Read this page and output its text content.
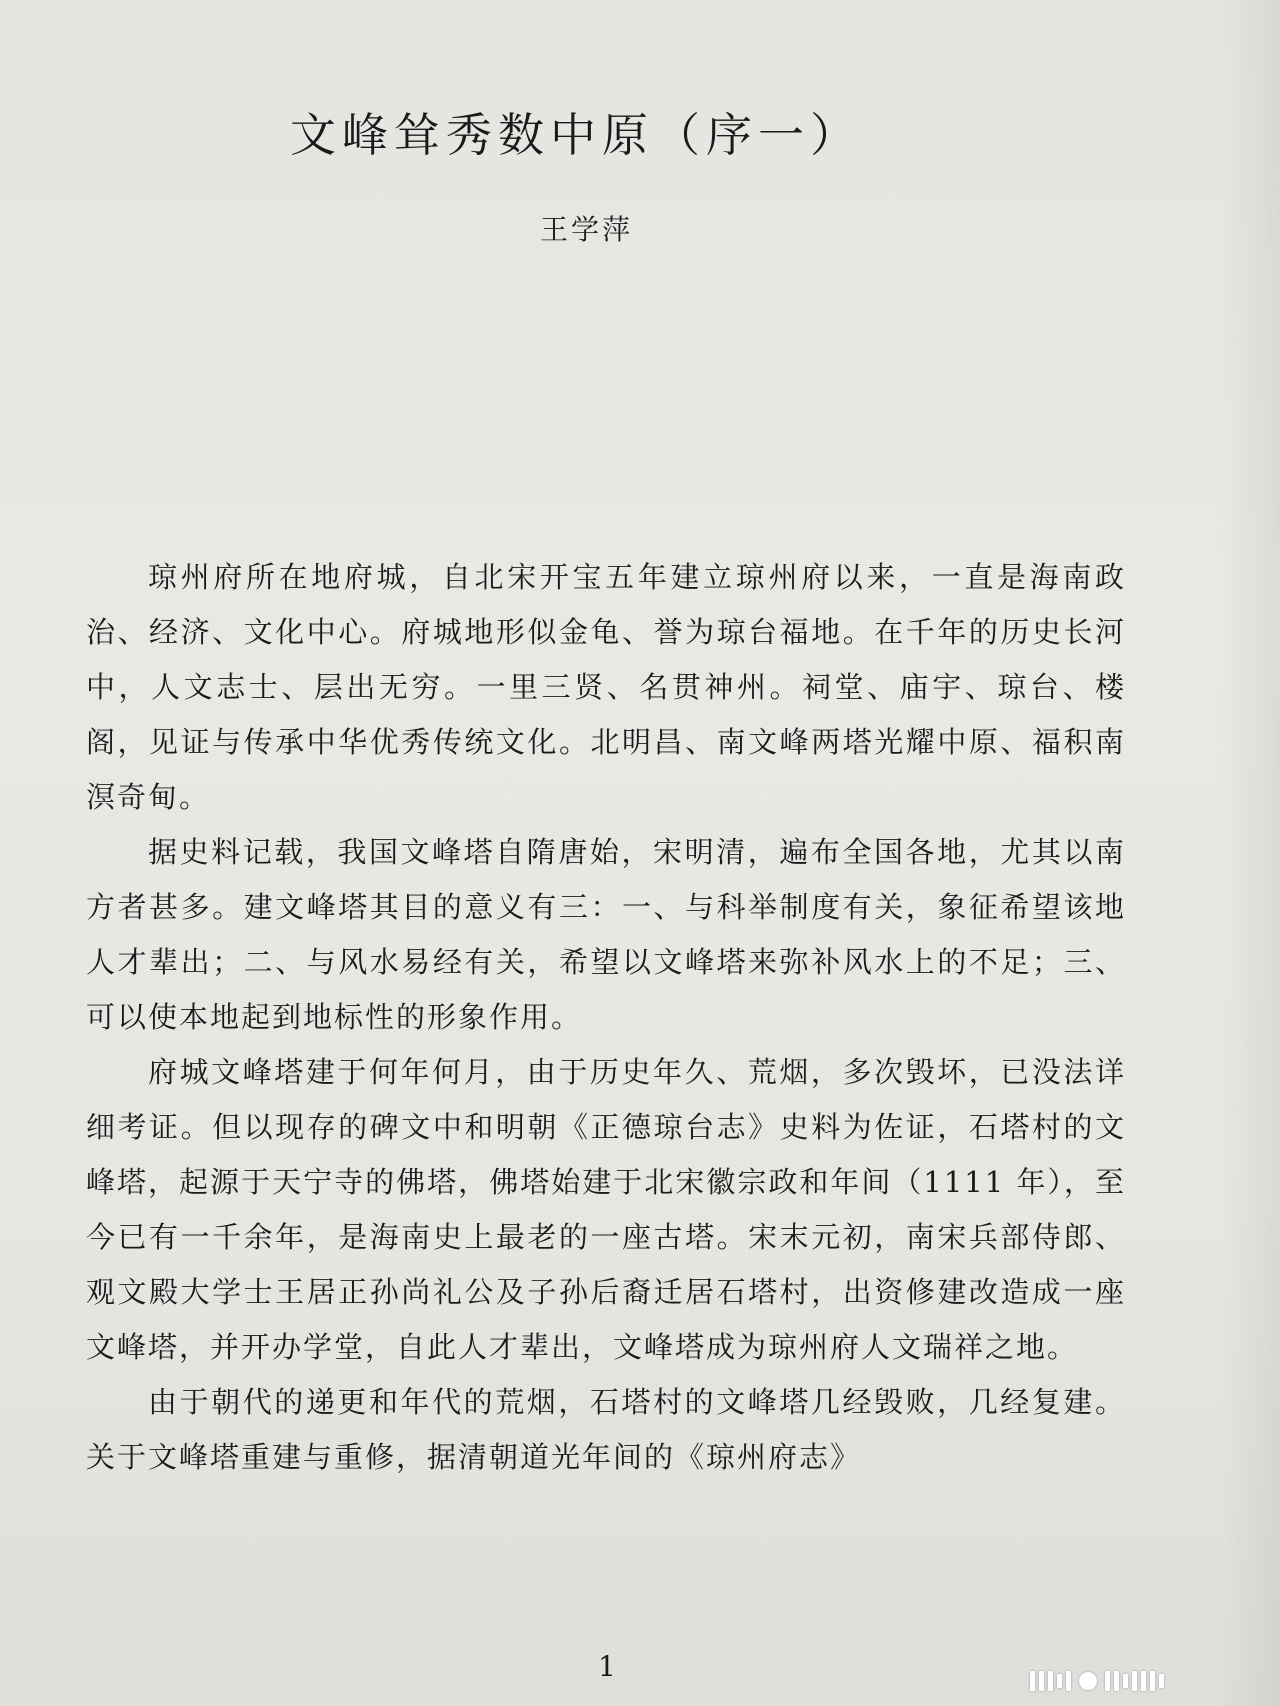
文峰耸秀数中原（序一）

王学萍

琼州府所在地府城，自北宋开宝五年建立琼州府以来，一直是海南政治、经济、文化中心。府城地形似金龟、誉为琼台福地。在千年的历史长河中，人文志士、层出无穷。一里三贤、名贯神州。祠堂、庙宇、琼台、楼阁，见证与传承中华优秀传统文化。北明昌、南文峰两塔光耀中原、福积南溟奇甸。

据史料记载，我国文峰塔自隋唐始，宋明清，遍布全国各地，尤其以南方者甚多。建文峰塔其目的意义有三：一、与科举制度有关，象征希望该地人才辈出；二、与风水易经有关，希望以文峰塔来弥补风水上的不足；三、可以使本地起到地标性的形象作用。

府城文峰塔建于何年何月，由于历史年久、荒烟，多次毁坏，已没法详细考证。但以现存的碑文中和明朝《正德琼台志》史料为佐证，石塔村的文峰塔，起源于天宁寺的佛塔，佛塔始建于北宋徽宗政和年间（1111 年），至今已有一千余年，是海南史上最老的一座古塔。宋末元初，南宋兵部侍郎、观文殿大学士王居正孙尚礼公及子孙后裔迁居石塔村，出资修建改造成一座文峰塔，并开办学堂，自此人才辈出，文峰塔成为琼州府人文瑞祥之地。

由于朝代的递更和年代的荒烟，石塔村的文峰塔几经毁败，几经复建。关于文峰塔重建与重修，据清朝道光年间的《琼州府志》

1
